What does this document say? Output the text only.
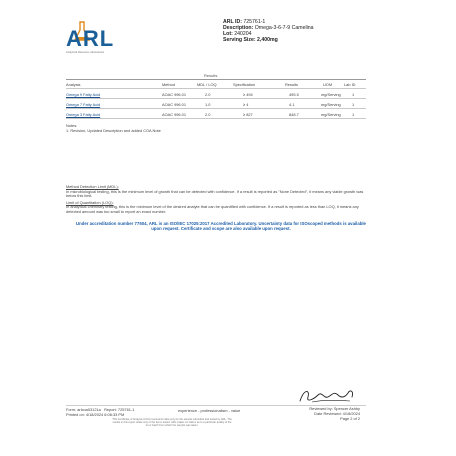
ARL
Analytical Resource Laboratories
ARL ID: 725761-1
Description: Omega-3-6-7-9 Camelina
Lot: 240204
Serving Size: 2,400mg
Results
Analysis	Method	MDL / LOQ	Specification	Results	UOM	Lab ID
Omega 9 Fatty Acid	AOAC 996.01	2.0	≥ 494	495.5	mg/Serving	1
Omega 7 Fatty Acid	AOAC 996.01	1.0	≥ 4	4.1	mg/Serving	1
Omega 3 Fatty Acid	AOAC 996.01	2.0	≥ 827	848.7	mg/Serving	1
Notes:
1. Revision, Updated Description and added COA Note
Method Detection Limit (MDL):
In microbiological testing, this is the minimum level of growth that can be detected with confidence. If a result is reported as "None Detected", it means any viable growth was below this limit.
Limit of Quantitation (LOQ):
In analytical chemistry testing, this is the minimum level of the desired analyte that can be quantified with confidence. If a result is reported as less than LOQ, it means any detected amount was too small to report an exact number.
Under accreditation number 77504, ARL is an ISO/IEC 17025:2017 Accredited Laboratory. Uncertainty data for ISOscoped methods is available upon request. Certificate and scope are also available upon request.
Form: arlcoa03121a Report: 725761-1
Printed on: 4/18/2024 6:06:33 PM
experience - professionalism - value
This Certificate of Analysis (COA) represents data only for the sample submitted and tested by ARL. The results in this report relate only to the items tested. ARL makes no claims as to a particular quality of the lot or batch from which the sample was taken.
Reviewed by: Spencer Ashby
Date Reviewed: 4/18/2024
Page 2 of 2
